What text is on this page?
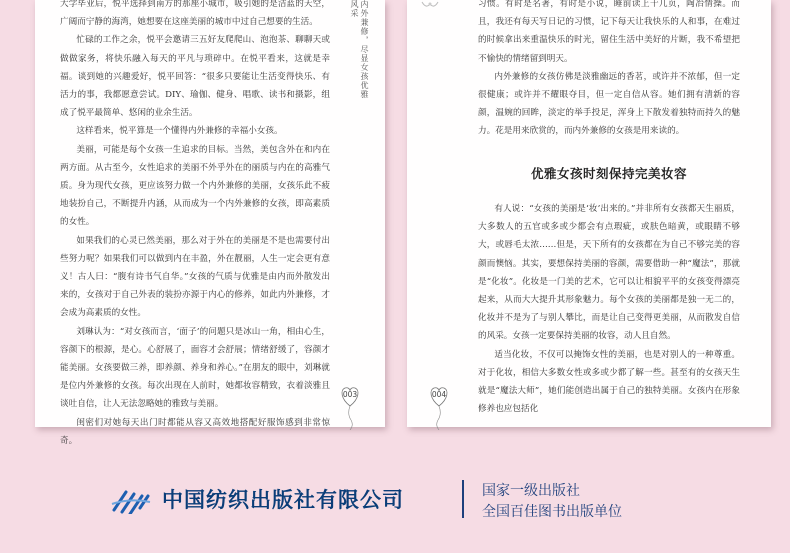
内外兼修，尽显女孩优雅风采

大学毕业后，悦平选择到南方的那座小城市，吸引她的是洁蓝的天空，广阔而宁静的海湾，她想要在这座美丽的城市中过自己想要的生活。

忙碌的工作之余，悦平会邀请三五好友爬爬山、泡泡茶、聊聊天或做做家务，将快乐融入每天的平凡与琐碎中。在悦平看来，这就是幸福。谈到她的兴趣爱好，悦平回答：“很多只要能让生活变得快乐、有活力的事，我都愿意尝试。DIY、瑜伽、健身、唱歌、读书和摄影，组成了悦平最简单、悠闲的业余生活。

这样看来，悦平算是一个懂得内外兼修的幸福小女孩。

美丽，可能是每个女孩一生追求的目标。当然，美包含外在和内在两方面。从古至今，女性追求的美丽不外乎外在的丽质与内在的高雅气质。身为现代女孩，更应该努力做一个内外兼修的美丽，女孩乐此不疲地装扮自己，不断提升内涵，从而成为一个内外兼修的女孩，即高素质的女性。

如果我们的心灵已然美丽，那么对于外在的美丽是不是也需要付出些努力呢？如果我们可以做到内在丰盈，外在靓丽，人生一定会更有意义！古人曰：“腹有诗书气自华。”女孩的气质与优雅是由内而外散发出来的，女孩对于自己外表的装扮亦源于内心的修养，如此内外兼修，才会成为高素质的女性。

刘琳认为：“对女孩而言，‘面子’的问题只是冰山一角，相由心生，容颜下的根源，是心。心舒展了，面容才会舒展；情绪舒缓了，容颜才能美丽。女孩要做三养，即养颜、养身和养心。”在朋友的眼中，刘琳就是位内外兼修的女孩。每次出现在人前时，她都妆容精致，衣着淡雅且谈吐自信，让人无法忽略她的雅致与美丽。

闺密们对她每天出门时都能从容又高效地搭配好服饰感到非常惊奇。

习惯。有时是名著，有时是小说，睡前读上十几页，陶冶情操。而且，我还有每天写日记的习惯，记下每天让我快乐的人和事，在难过的时候拿出来重温快乐的时光，留住生活中美好的片断，我不希望把不愉快的情绪留到明天。

内外兼修的女孩仿佛是淡雅幽远的香茗，或许并不浓郁，但一定很健康；或许并不耀眼夺目，但一定自信从容。她们拥有清新的容颜，温婉的回眸，淡定的举手投足，浑身上下散发着独特而持久的魅力。花是用来欣赏的，而内外兼修的女孩是用来读的。

优雅女孩时刻保持完美妆容

有人说：“女孩的美丽是‘妆’出来的。”并非所有女孩都天生丽质，大多数人的五官或多或少都会有点瑕疵，或肤色暗黄，或眼睛不够大，或唇毛太浓……但是，天下所有的女孩都在为自己不够完美的容颜而懊恼。其实，要想保持美丽的容颜，需要借助一种“魔法”，那就是“化妆”。化妆是一门美的艺术，它可以让相貌平平的女孩变得漂亮起来，从而大大提升其形象魅力。每个女孩的美丽都是独一无二的，化妆并不是为了与别人攀比，而是让自己变得更美丽，从而散发自信的风采。女孩一定要保持美丽的妆容，动人且自然。

适当化妆，不仅可以掩饰女性的美丽，也是对别人的一种尊重。对于化妆，相信大多数女性或多或少都了解一些。甚至有的女孩天生就是“魔法大师”，她们能创造出属于自己的独特美丽。女孩内在形象修养也应包括化

003	004
中国纺织出版社有限公司	国家一级出版社
全国百佳图书出版单位
